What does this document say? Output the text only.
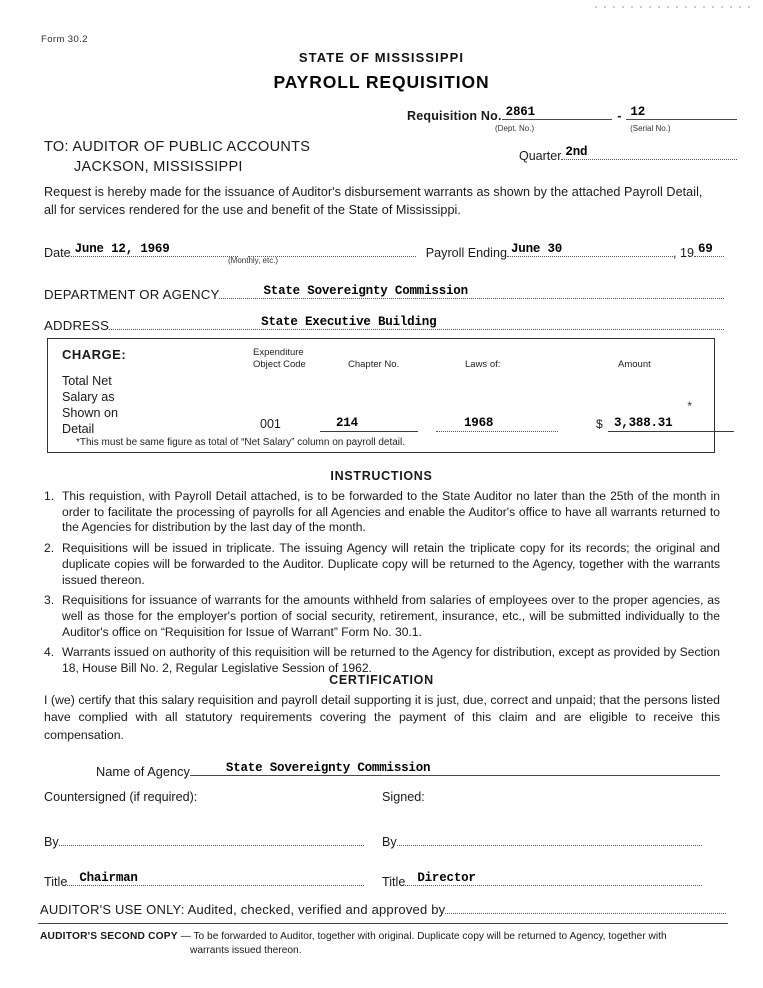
Form 30.2
STATE OF MISSISSIPPI
PAYROLL REQUISITION
Requisition No. 2861	- 12
(Dept. No.)	(Serial No.)
Quarter 2nd
TO: AUDITOR OF PUBLIC ACCOUNTS
JACKSON, MISSISSIPPI
Request is hereby made for the issuance of Auditor's disbursement warrants as shown by the attached Payroll Detail, all for services rendered for the use and benefit of the State of Mississippi.
Date June 12, 1969	Payroll Ending June 30	, 19 69
(Monthly, etc.)
DEPARTMENT OR AGENCY	State Sovereignty Commission
ADDRESS	State Executive Building
CHARGE:	Expenditure
Object Code	Chapter No.	Laws of:	Amount
Total Net
Salary as
Shown on
Detail
*
001	214	1968	$ 3,388.31
*This must be same figure as total of “Net Salary” column on payroll detail.
INSTRUCTIONS
1. This requistion, with Payroll Detail attached, is to be forwarded to the State Auditor no later than the 25th of the month in order to facilitate the processing of payrolls for all Agencies and enable the Auditor's office to have all warrants returned to the Agencies for distribution by the last day of the month.
2. Requisitions will be issued in triplicate. The issuing Agency will retain the triplicate copy for its records; the original and duplicate copies will be forwarded to the Auditor. Duplicate copy will be returned to the Agency, together with the warrants issued thereon.
3. Requisitions for issuance of warrants for the amounts withheld from salaries of employees over to the proper agencies, as well as those for the employer's portion of social security, retirement, insurance, etc., will be submitted individually to the Auditor's office on “Requisition for Issue of Warrant” Form No. 30.1.
4. Warrants issued on authority of this requisition will be returned to the Agency for distribution, except as provided by Section 18, House Bill No. 2, Regular Legislative Session of 1962.
CERTIFICATION
I (we) certify that this salary requisition and payroll detail supporting it is just, due, correct and unpaid; that the persons listed have complied with all statutory requirements covering the payment of this claim and are eligible to receive this compensation.
Name of Agency	State Sovereignty Commission
Countersigned (if required):
By
Title Chairman
Signed:
By
Title Director
AUDITOR'S USE ONLY: Audited, checked, verified and approved by
AUDITOR'S SECOND COPY — To be forwarded to Auditor, together with original. Duplicate copy will be returned to Agency, together with
warrants issued thereon.
